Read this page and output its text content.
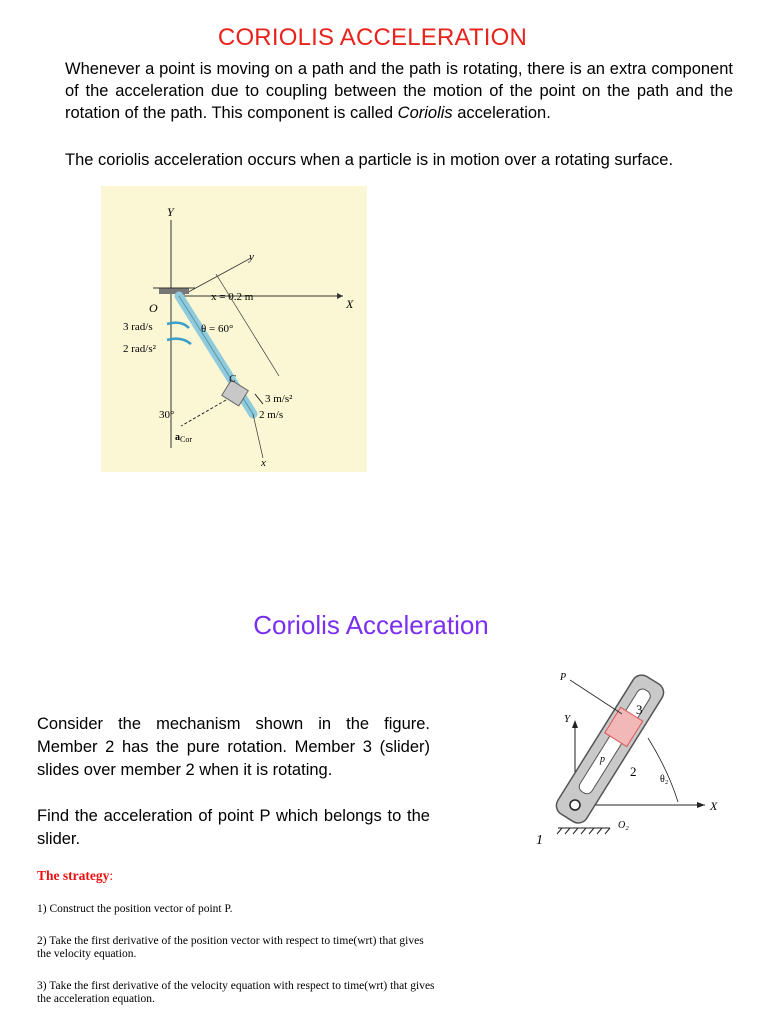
CORIOLIS ACCELERATION
Whenever a point is moving on a path and the path is rotating, there is an extra component of the acceleration due to coupling between the motion of the point on the path and the rotation of the path. This component is called Coriolis acceleration.
The coriolis acceleration occurs when a particle is in motion over a rotating surface.
Y
X
y
x = 0.2 m
O
C
x
3 rad/s
2 rad/s²
θ = 60°
3 m/s²
2 m/s
30°
$a_{Cor}$
Coriolis Acceleration
Consider the mechanism shown in the figure. Member 2 has the pure rotation. Member 3 (slider) slides over member 2 when it is rotating.
Find the acceleration of point P which belongs to the slider.
The strategy:
1) Construct the position vector of point P.
2) Take the first derivative of the position vector with respect to time(wrt) that gives the velocity equation.
3) Take the first derivative of the velocity equation with respect to time(wrt) that gives the acceleration equation.
X
Y
1
P
3
2
p
θ₂
O₂
